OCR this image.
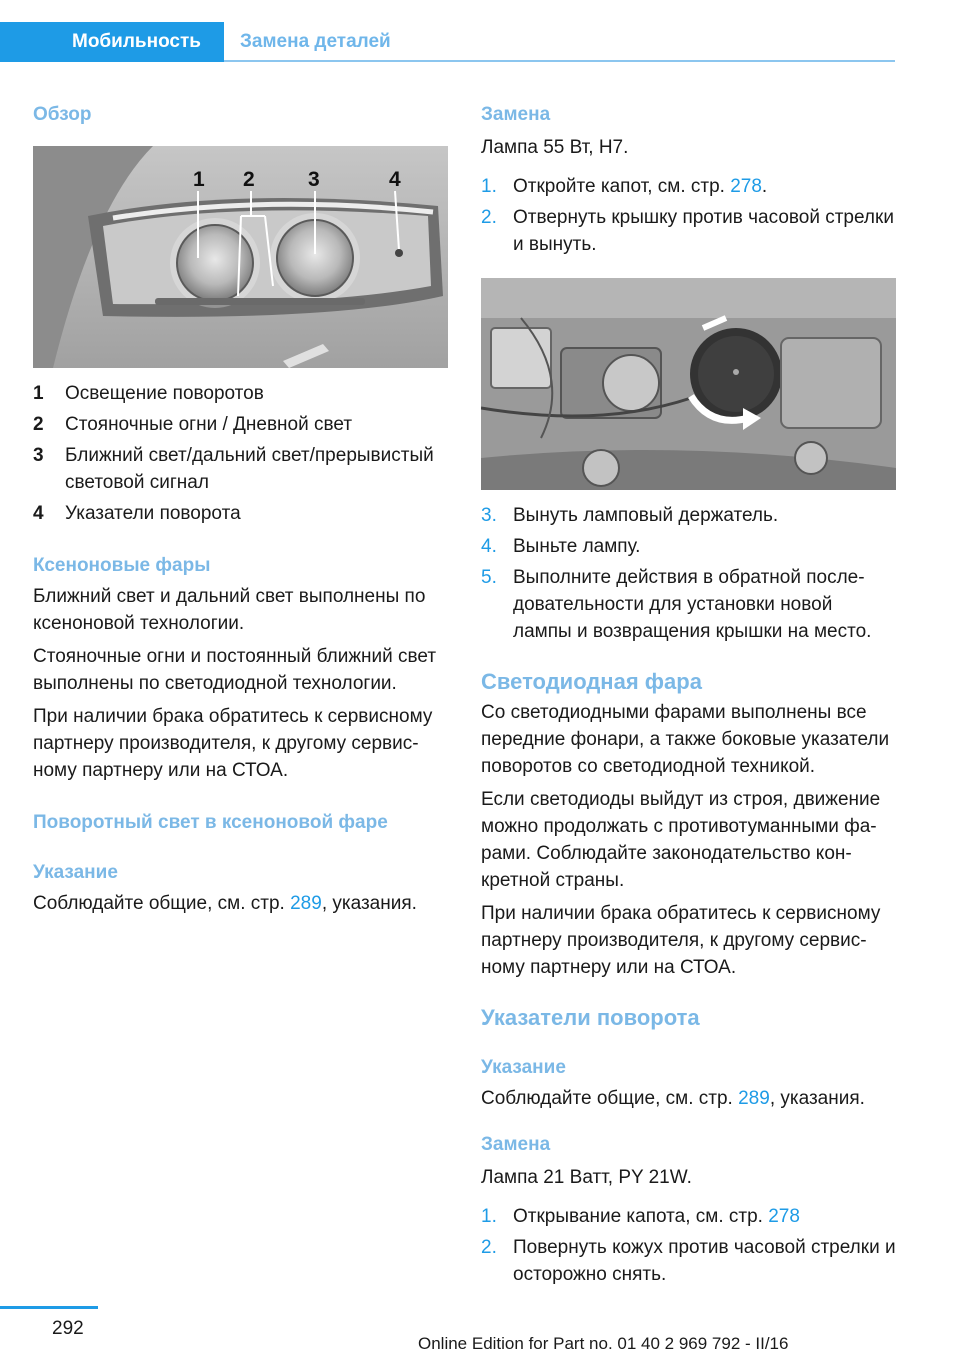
Мобильность	Замена деталей
Обзор
1 2	3	4
1	Освещение поворотов
2	Стояночные огни / Дневной свет
3	Ближний свет/дальний свет/прерывистый световой сигнал
4	Указатели поворота
Ксеноновые фары

Ближний свет и дальний свет выполнены по ксеноновой технологии.

Стояночные огни и постоянный ближний свет выполнены по светодиодной технологии.

При наличии брака обратитесь к сервисному партнеру производителя, к другому сервисному партнеру или на СТОА.

Поворотный свет в ксеноновой фаре
Указание

Соблюдайте общие, см. стр. 289, указания.

Замена

Лампа 55 Вт, H7.

1. Откройте капот, см. стр. 278.
2. Отвернуть крышку против часовой стрелки и вынуть.
3. Вынуть ламповый держатель.
4. Выньте лампу.
5. Выполните действия в обратной последовательности для установки новой лампы и возвращения крышки на место.
Светодиодная фара

Со светодиодными фарами выполнены все передние фонари, а также боковые указатели поворотов со светодиодной техникой.

Если светодиоды выйдут из строя, движение можно продолжать с противотуманными фарами. Соблюдайте законодательство конкретной страны.

При наличии брака обратитесь к сервисному партнеру производителя, к другому сервисному партнеру или на СТОА.

Указатели поворота
Указание

Соблюдайте общие, см. стр. 289, указания.

Замена

Лампа 21 Ватт, PY 21W.

1. Открывание капота, см. стр. 278
2. Повернуть кожух против часовой стрелки и осторожно снять.
292
Online Edition for Part no. 01 40 2 969 792 - II/16
